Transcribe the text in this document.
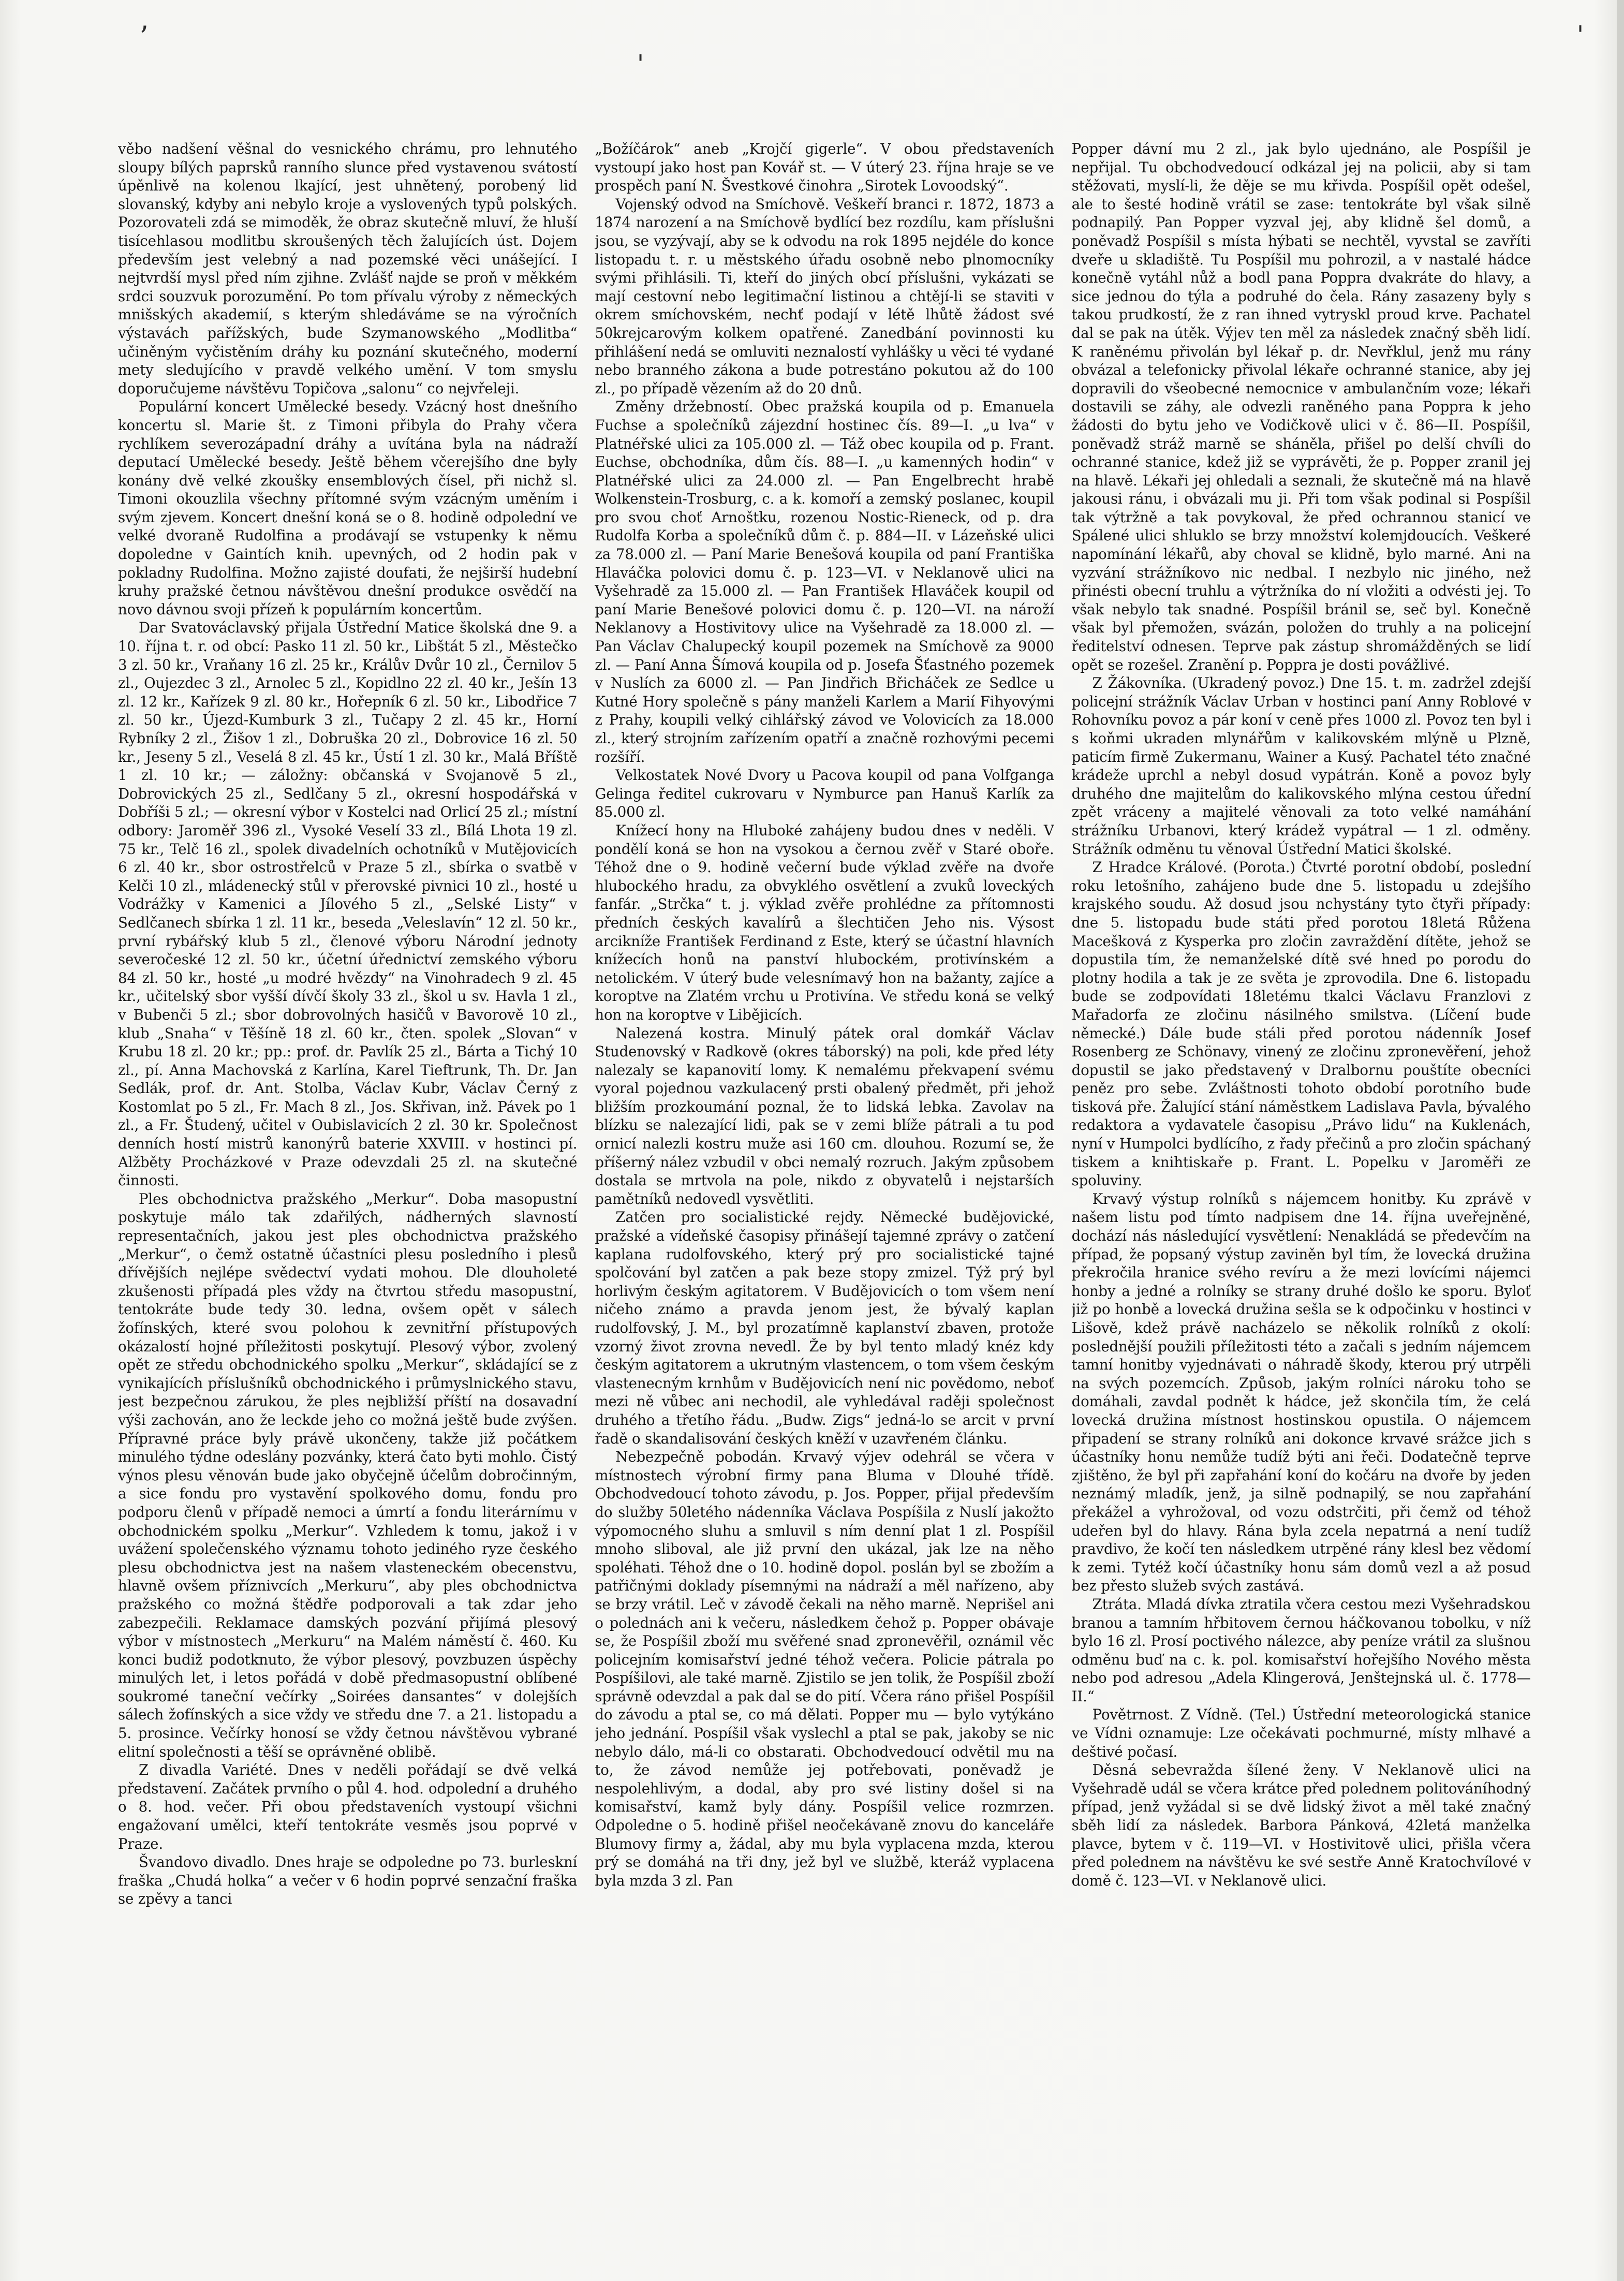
ʼ
ˈ
ˈ

věbo nadšení věšnal do vesnického chrámu, pro lehnutého sloupy bílých paprsků ranního slunce před vystavenou svátostí úpěnlivě na kolenou lkající, jest uhnětený, porobený lid slovanský, kdyby ani nebylo kroje a vyslovených typů polských. Pozorovateli zdá se mimoděk, že obraz skutečně mluví, že hluší tisícehlasou modlitbu skroušených těch žalujících úst. Dojem především jest velebný a nad pozemské věci unášející. I nejtvrdší mysl před ním zjihne. Zvlášť najde se proň v měkkém srdci souzvuk porozumění. Po tom přívalu výroby z německých mnišských akademií, s kterým shledáváme se na výročních výstavách pařížských, bude Szymanowského „Modlitba“ učiněným vyčistěním dráhy ku poznání skutečného, moderní mety sledujícího v pravdě velkého umění. V tom smyslu doporučujeme návštěvu Topičova „salonu“ co nejvřeleji.

Populární koncert Umělecké besedy. Vzácný host dnešního koncertu sl. Marie št. z Timoni přibyla do Prahy včera rychlíkem severozápadní dráhy a uvítána byla na nádraží deputací Umělecké besedy. Ještě během včerejšího dne byly konány dvě velké zkoušky ensemblových čísel, při nichž sl. Timoni okouzlila všechny přítomné svým vzácným uměním i svým zjevem. Koncert dnešní koná se o 8. hodině odpolední ve velké dvoraně Rudolfina a prodávají se vstupenky k němu dopoledne v Gaintích knih. upevných, od 2 hodin pak v pokladny Rudolfina. Možno zajisté doufati, že nejširší hudební kruhy pražské četnou návštěvou dnešní produkce osvědčí na novo dávnou svoji přízeň k populárním koncertům.

Dar Svatováclavský přijala Ústřední Matice školská dne 9. a 10. října t. r. od obcí: Pasko 11 zl. 50 kr., Libštát 5 zl., Městečko 3 zl. 50 kr., Vraňany 16 zl. 25 kr., Králův Dvůr 10 zl., Černilov 5 zl., Oujezdec 3 zl., Arnolec 5 zl., Kopidlno 22 zl. 40 kr., Ješín 13 zl. 12 kr., Kařízek 9 zl. 80 kr., Hořepník 6 zl. 50 kr., Libodřice 7 zl. 50 kr., Újezd-Kumburk 3 zl., Tučapy 2 zl. 45 kr., Horní Rybníky 2 zl., Žišov 1 zl., Dobruška 20 zl., Dobrovice 16 zl. 50 kr., Jeseny 5 zl., Veselá 8 zl. 45 kr., Ústí 1 zl. 30 kr., Malá Bříště 1 zl. 10 kr.; — záložny: občanská v Svojanově 5 zl., Dobrovických 25 zl., Sedlčany 5 zl., okresní hospodářská v Dobříši 5 zl.; — okresní výbor v Kostelci nad Orlicí 25 zl.; místní odbory: Jaroměř 396 zl., Vysoké Veselí 33 zl., Bílá Lhota 19 zl. 75 kr., Telč 16 zl., spolek divadelních ochotníků v Mutějovicích 6 zl. 40 kr., sbor ostrostřelců v Praze 5 zl., sbírka o svatbě v Kelči 10 zl., mládenecký stůl v přerovské pivnici 10 zl., hosté u Vodrážky v Kamenici a Jílového 5 zl., „Selské Listy“ v Sedlčanech sbírka 1 zl. 11 kr., beseda „Veleslavín“ 12 zl. 50 kr., první rybářský klub 5 zl., členové výboru Národní jednoty severočeské 12 zl. 50 kr., účetní úřednictví zemského výboru 84 zl. 50 kr., hosté „u modré hvězdy“ na Vinohradech 9 zl. 45 kr., učitelský sbor vyšší dívčí školy 33 zl., škol u sv. Havla 1 zl., v Bubenči 5 zl.; sbor dobrovolných hasičů v Bavorově 10 zl., klub „Snaha“ v Těšíně 18 zl. 60 kr., čten. spolek „Slovan“ v Krubu 18 zl. 20 kr.; pp.: prof. dr. Pavlík 25 zl., Bárta a Tichý 10 zl., pí. Anna Machovská z Karlína, Karel Tieftrunk, Th. Dr. Jan Sedlák, prof. dr. Ant. Stolba, Václav Kubr, Václav Černý z Kostomlat po 5 zl., Fr. Mach 8 zl., Jos. Skřivan, inž. Pávek po 1 zl., a Fr. Študený, učitel v Oubislavicích 2 zl. 30 kr. Společnost denních hostí mistrů kanonýrů baterie XXVIII. v hostinci pí. Alžběty Procházkové v Praze odevzdali 25 zl. na skutečné činnosti.

Ples obchodnictva pražského „Merkur“. Doba masopustní poskytuje málo tak zdařilých, nádherných slavností representačních, jakou jest ples obchodnictva pražského „Merkur“, o čemž ostatně účastníci plesu posledního i plesů dřívějších nejlépe svědectví vydati mohou. Dle dlouholeté zkušenosti případá ples vždy na čtvrtou středu masopustní, tentokráte bude tedy 30. ledna, ovšem opět v sálech žofínských, které svou polohou k zevnitřní přístupových okázalostí hojné příležitosti poskytují. Plesový výbor, zvolený opět ze středu obchodnického spolku „Merkur“, skládající se z vynikajících příslušníků obchodnického i průmyslnického stavu, jest bezpečnou zárukou, že ples nejbližší příští na dosavadní výši zachován, ano že leckde jeho co možná ještě bude zvýšen. Přípravné práce byly právě ukončeny, takže již počátkem minulého týdne odeslány pozvánky, která čato byti mohlo. Čistý výnos plesu věnován bude jako obyčejně účelům dobročinným, a sice fondu pro vystavění spolkového domu, fondu pro podporu členů v případě nemoci a úmrtí a fondu literárnímu v obchodnickém spolku „Merkur“. Vzhledem k tomu, jakož i v uvážení společenského významu tohoto jediného ryze českého plesu obchodnictva jest na našem vlasteneckém obecenstvu, hlavně ovšem příznivcích „Merkuru“, aby ples obchodnictva pražského co možná štědře podporovali a tak zdar jeho zabezpečili. Reklamace damských pozvání přijímá plesový výbor v místnostech „Merkuru“ na Malém náměstí č. 460. Ku konci budiž podotknuto, že výbor plesový, povzbuzen úspěchy minulých let, i letos pořádá v době předmasopustní oblíbené soukromé taneční večírky „Soirées dansantes“ v dolejších sálech žofínských a sice vždy ve středu dne 7. a 21. listopadu a 5. prosince. Večírky honosí se vždy četnou návštěvou vybrané elitní společnosti a těší se oprávněné oblibě.

Z divadla Variété. Dnes v neděli pořádají se dvě velká představení. Začátek prvního o půl 4. hod. odpolední a druhého o 8. hod. večer. Při obou představeních vystoupí všichni engažovaní umělci, kteří tentokráte vesměs jsou poprvé v Praze.

Švandovo divadlo. Dnes hraje se odpoledne po 73. burleskní fraška „Chudá holka“ a večer v 6 hodin poprvé senzační fraška se zpěvy a tanci

„Božíčárok“ aneb „Krojčí gigerle“. V obou představeních vystoupí jako host pan Kovář st. — V úterý 23. října hraje se ve prospěch paní N. Švestkové činohra „Sirotek Lovoodský“.

Vojenský odvod na Smíchově. Veškeří branci r. 1872, 1873 a 1874 narození a na Smíchově bydlící bez rozdílu, kam příslušni jsou, se vyzývají, aby se k odvodu na rok 1895 nejdéle do konce listopadu t. r. u městského úřadu osobně nebo plnomocníky svými přihlásili. Ti, kteří do jiných obcí příslušni, vykázati se mají cestovní nebo legitimační listinou a chtějí-li se staviti v okrem smíchovském, nechť podají v létě lhůtě žádost své 50krejcarovým kolkem opatřené. Zanedbání povinnosti ku přihlášení nedá se omluviti neznalostí vyhlášky u věci té vydané nebo branného zákona a bude potrestáno pokutou až do 100 zl., po případě vězením až do 20 dnů.

Změny držebností. Obec pražská koupila od p. Emanuela Fuchse a společníků zájezdní hostinec čís. 89—I. „u lva“ v Platnéřské ulici za 105.000 zl. — Táž obec koupila od p. Frant. Euchse, obchodníka, dům čís. 88—I. „u kamenných hodin“ v Platnéřské ulici za 24.000 zl. — Pan Engelbrecht hrabě Wolkenstein-Trosburg, c. a k. komoří a zemský poslanec, koupil pro svou choť Arnoštku, rozenou Nostic-Rieneck, od p. dra Rudolfa Korba a společníků dům č. p. 884—II. v Lázeňské ulici za 78.000 zl. — Paní Marie Benešová koupila od paní Františka Hlaváčka polovici domu č. p. 123—VI. v Neklanově ulici na Vyšehradě za 15.000 zl. — Pan František Hlaváček koupil od paní Marie Benešové polovici domu č. p. 120—VI. na nároží Neklanovy a Hostivitovy ulice na Vyšehradě za 18.000 zl. — Pan Václav Chalupecký koupil pozemek na Smíchově za 9000 zl. — Paní Anna Šímová koupila od p. Josefa Šťastného pozemek v Nuslích za 6000 zl. — Pan Jindřich Břicháček ze Sedlce u Kutné Hory společně s pány manželi Karlem a Marií Fihyovými z Prahy, koupili velký cihlářský závod ve Volovicích za 18.000 zl., který strojním zařízením opatří a značně rozhovými pecemi rozšíří.

Velkostatek Nové Dvory u Pacova koupil od pana Volfganga Gelinga ředitel cukrovaru v Nymburce pan Hanuš Karlík za 85.000 zl.

Knížecí hony na Hluboké zahájeny budou dnes v neděli. V pondělí koná se hon na vysokou a černou zvěř v Staré oboře. Téhož dne o 9. hodině večerní bude výklad zvěře na dvoře hlubockého hradu, za obvyklého osvětlení a zvuků loveckých fanfár. „Strčka“ t. j. výklad zvěře prohlédne za přítomnosti předních českých kavalírů a šlechtičen Jeho nis. Výsost arcikníže František Ferdinand z Este, který se účastní hlavních knížecích honů na panství hlubockém, protivínském a netolickém. V úterý bude velesnímavý hon na bažanty, zajíce a koroptve na Zlatém vrchu u Protivína. Ve středu koná se velký hon na koroptve v Libějicích.

Nalezená kostra. Minulý pátek oral domkář Václav Studenovský v Radkově (okres táborský) na poli, kde před léty nalezaly se kapanovití lomy. K nemalému překvapení svému vyoral pojednou vazkulacený prsti obalený předmět, při jehož bližším prozkoumání poznal, že to lidská lebka. Zavolav na blízku se nalezající lidi, pak se v zemi blíže pátrali a tu pod ornicí nalezli kostru muže asi 160 cm. dlouhou. Rozumí se, že příšerný nález vzbudil v obci nemalý rozruch. Jakým způsobem dostala se mrtvola na pole, nikdo z obyvatelů i nejstarších pamětníků nedovedl vysvětliti.

Zatčen pro socialistické rejdy. Německé budějovické, pražské a vídeňské časopisy přinášejí tajemné zprávy o zatčení kaplana rudolfovského, který prý pro socialistické tajné spolčování byl zatčen a pak beze stopy zmizel. Týž prý byl horlivým českým agitatorem. V Budějovicích o tom všem není ničeho známo a pravda jenom jest, že bývalý kaplan rudolfovský, J. M., byl prozatímně kaplanství zbaven, protože vzorný život zrovna nevedl. Že by byl tento mladý knéz kdy českým agitatorem a ukrutným vlastencem, o tom všem českým vlastenecným krnhům v Budějovicích není nic povědomo, neboť mezi ně vůbec ani nechodil, ale vyhledával raději společnost druhého a třetího řádu. „Budw. Zigs“ jedná-lo se arcit v první řadě o skandalisování českých kněží v uzavřeném článku.

Nebezpečně pobodán. Krvavý výjev odehrál se včera v místnostech výrobní firmy pana Bluma v Dlouhé třídě. Obchodvedoucí tohoto závodu, p. Jos. Popper, přijal především do služby 50letého nádenníka Václava Pospíšila z Nuslí jakožto výpomocného sluhu a smluvil s ním denní plat 1 zl. Pospíšil mnoho sliboval, ale již první den ukázal, jak lze na něho spoléhati. Téhož dne o 10. hodině dopol. poslán byl se zbožím a patřičnými doklady písemnými na nádraží a měl nařízeno, aby se brzy vrátil. Leč v závodě čekali na něho marně. Neprišel ani o polednách ani k večeru, následkem čehož p. Popper obávaje se, že Pospíšil zboží mu svěřené snad zpronevěřil, oznámil věc policejním komisařství jedné téhož večera. Policie pátrala po Pospíšilovi, ale také marně. Zjistilo se jen tolik, že Pospíšil zboží správně odevzdal a pak dal se do pití. Včera ráno přišel Pospíšil do závodu a ptal se, co má dělati. Popper mu — bylo vytýkáno jeho jednání. Pospíšil však vyslechl a ptal se pak, jakoby se nic nebylo dálo, má-li co obstarati. Obchodvedoucí odvětil mu na to, že závod nemůže jej potřebovati, poněvadž je nespolehlivým, a dodal, aby pro své listiny došel si na komisařství, kamž byly dány. Pospíšil velice rozmrzen. Odpoledne o 5. hodině přišel neočekávaně znovu do kanceláře Blumovy firmy a, žádal, aby mu byla vyplacena mzda, kterou prý se domáhá na tři dny, jež byl ve službě, kteráž vyplacena byla mzda 3 zl. Pan

Popper dávní mu 2 zl., jak bylo ujednáno, ale Pospíšil je nepřijal. Tu obchodvedoucí odkázal jej na policii, aby si tam stěžovati, myslí-li, že děje se mu křivda. Pospíšil opět odešel, ale to šesté hodině vrátil se zase: tentokráte byl však silně podnapilý. Pan Popper vyzval jej, aby klidně šel domů, a poněvadž Pospíšil s místa hýbati se nechtěl, vyvstal se zavříti dveře u skladiště. Tu Pospíšil mu pohrozil, a v nastalé hádce konečně vytáhl nůž a bodl pana Poppra dvakráte do hlavy, a sice jednou do týla a podruhé do čela. Rány zasazeny byly s takou prudkostí, že z ran ihned vytryskl proud krve. Pachatel dal se pak na útěk. Výjev ten měl za následek značný sběh lidí. K raněnému přivolán byl lékař p. dr. Nevřklul, jenž mu rány obvázal a telefonicky přivolal lékaře ochranné stanice, aby jej dopravili do všeobecné nemocnice v ambulančním voze; lékaři dostavili se záhy, ale odvezli raněného pana Poppra k jeho žádosti do bytu jeho ve Vodičkově ulici v č. 86—II. Pospíšil, poněvadž stráž marně se sháněla, přišel po delší chvíli do ochranné stanice, kdež již se vyprávěti, že p. Popper zranil jej na hlavě. Lékaři jej ohledali a seznali, že skutečně má na hlavě jakousi ránu, i obvázali mu ji. Při tom však podinal si Pospíšil tak výtržně a tak povykoval, že před ochrannou stanicí ve Spálené ulici shluklo se brzy množství kolemjdoucích. Veškeré napomínání lékařů, aby choval se klidně, bylo marné. Ani na vyzvání strážníkovo nic nedbal. I nezbylo nic jiného, než přinésti obecní truhlu a výtržníka do ní vložiti a odvésti jej. To však nebylo tak snadné. Pospíšil bránil se, seč byl. Konečně však byl přemožen, svázán, položen do truhly a na policejní ředitelství odnesen. Teprve pak zástup shromážděných se lidí opět se rozešel. Zranění p. Poppra je dosti povážlivé.

Z Žákovníka. (Ukradený povoz.) Dne 15. t. m. zadržel zdejší policejní strážník Václav Urban v hostinci paní Anny Roblové v Rohovníku povoz a pár koní v ceně přes 1000 zl. Povoz ten byl i s koňmi ukraden mlynářům v kalikovském mlýně u Plzně, paticím firmě Zukermanu, Wainer a Kusý. Pachatel této značné krádeže uprchl a nebyl dosud vypátrán. Koně a povoz byly druhého dne majitelům do kalikovského mlýna cestou úřední zpět vráceny a majitelé věnovali za toto velké namáhání strážníku Urbanovi, který krádež vypátral — 1 zl. odměny. Strážník odměnu tu věnoval Ústřední Matici školské.

Z Hradce Králové. (Porota.) Čtvrté porotní období, poslední roku letošního, zahájeno bude dne 5. listopadu u zdejšího krajského soudu. Až dosud jsou nchystány tyto čtyři případy: dne 5. listopadu bude státi před porotou 18letá Růžena Macešková z Kysperka pro zločin zavraždění dítěte, jehož se dopustila tím, že nemanželské dítě své hned po porodu do plotny hodila a tak je ze světa je zprovodila. Dne 6. listopadu bude se zodpovídati 18letému tkalci Václavu Franzlovi z Mařadorfa ze zločinu násilného smilstva. (Líčení bude německé.) Dále bude stáli před porotou nádenník Josef Rosenberg ze Schönavy, vinený ze zločinu zpronevěření, jehož dopustil se jako představený v Dralbornu pouštíte obecníci peněz pro sebe. Zvláštnosti tohoto období porotního bude tisková pře. Žalující stání náměstkem Ladislava Pavla, bývalého redaktora a vydavatele časopisu „Právo lidu“ na Kuklenách, nyní v Humpolci bydlícího, z řady přečinů a pro zločin spáchaný tiskem a knihtiskaře p. Frant. L. Popelku v Jaroměři ze spoluviny.

Krvavý výstup rolníků s nájemcem honitby. Ku zprávě v našem listu pod tímto nadpisem dne 14. října uveřejněné, dochází nás následující vysvětlení: Nenakládá se předevčím na případ, že popsaný výstup zaviněn byl tím, že lovecká družina překročila hranice svého revíru a že mezi lovícími nájemci honby a jedné a rolníky se strany druhé došlo ke sporu. Byloť již po honbě a lovecká družina sešla se k odpočinku v hostinci v Lišově, kdež právě nacházelo se několik rolníků z okolí: poslednější použili příležitosti této a začali s jedním nájemcem tamní honitby vyjednávati o náhradě škody, kterou prý utrpěli na svých pozemcích. Způsob, jakým rolníci nároku toho se domáhali, zavdal podnět k hádce, jež skončila tím, že celá lovecká družina místnost hostinskou opustila. O nájemcem připadení se strany rolníků ani dokonce krvavé srážce jich s účastníky honu nemůže tudíž býti ani řeči. Dodatečně teprve zjištěno, že byl při zapřahání koní do kočáru na dvoře by jeden neznámý mladík, jenž, ja silně podnapilý, se nou zapřahání překážel a vyhrožoval, od vozu odstrčiti, při čemž od téhož udeřen byl do hlavy. Rána byla zcela nepatrná a není tudíž pravdivo, že kočí ten následkem utrpěné rány klesl bez vědomí k zemi. Tytéž kočí účastníky honu sám domů vezl a až posud bez přesto služeb svých zastává.

Ztráta. Mladá dívka ztratila včera cestou mezi Vyšehradskou branou a tamním hřbitovem černou háčkovanou tobolku, v níž bylo 16 zl. Prosí poctivého nálezce, aby peníze vrátil za slušnou odměnu buď na c. k. pol. komisařství hořejšího Nového města nebo pod adresou „Adela Klingerová, Jenštejnská ul. č. 1778—II.“

Povětrnost. Z Vídně. (Tel.) Ústřední meteorologická stanice ve Vídni oznamuje: Lze očekávati pochmurné, místy mlhavé a deštivé počasí.

Děsná sebevražda šílené ženy. V Neklanově ulici na Vyšehradě udál se včera krátce před polednem politováníhodný případ, jenž vyžádal si se dvě lidský život a měl také značný sběh lidí za následek. Barbora Pánková, 42letá manželka plavce, bytem v č. 119—VI. v Hostivitově ulici, přišla včera před polednem na návštěvu ke své sestře Anně Kratochvílové v domě č. 123—VI. v Neklanově ulici.
